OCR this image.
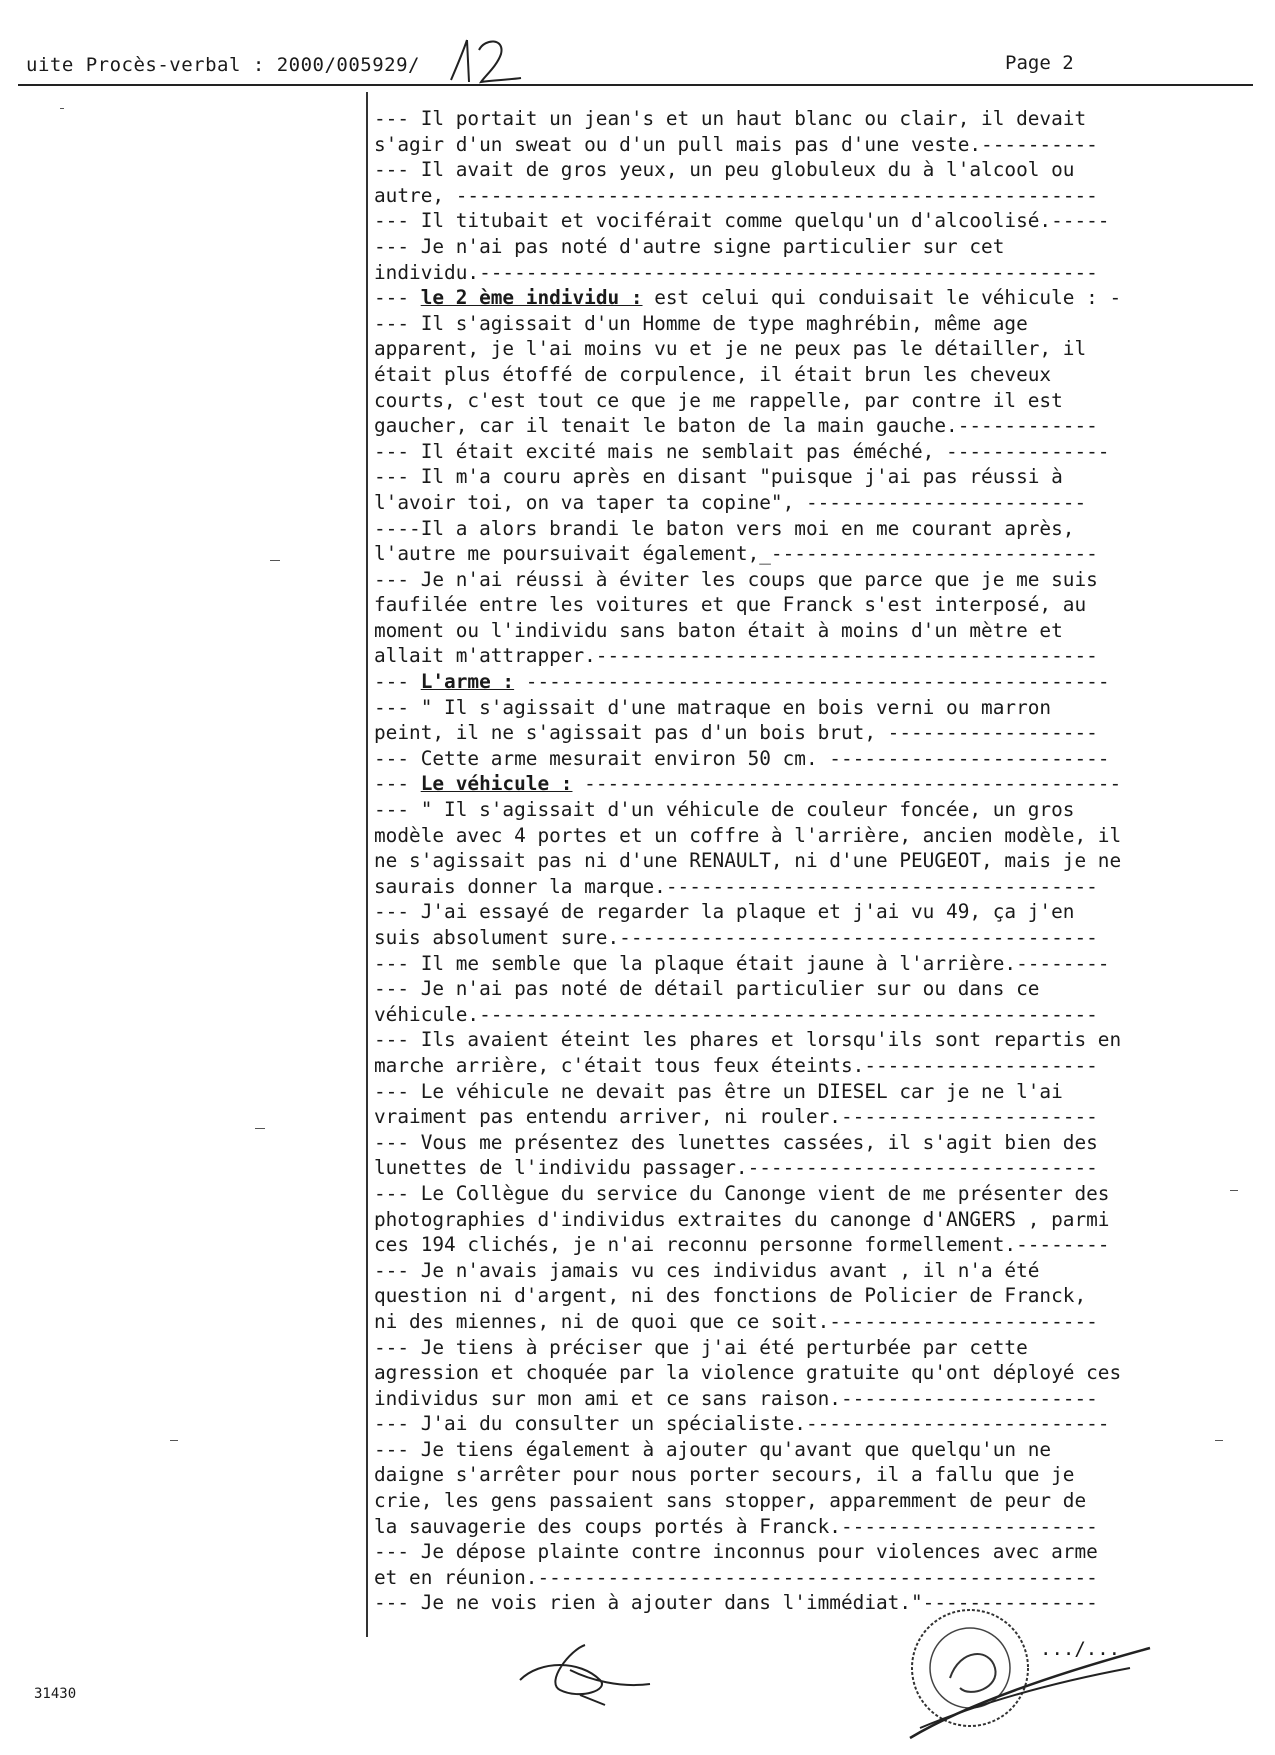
uite Procès-verbal : 2000/005929/	Page 2
--- Il portait un jean's et un haut blanc ou clair, il devait
s'agir d'un sweat ou d'un pull mais pas d'une veste.----------
--- Il avait de gros yeux, un peu globuleux du à l'alcool ou
autre, -------------------------------------------------------
--- Il titubait et vociférait comme quelqu'un d'alcoolisé.-----
--- Je n'ai pas noté d'autre signe particulier sur cet
individu.-----------------------------------------------------
--- le 2 ème individu : est celui qui conduisait le véhicule : -
--- Il s'agissait d'un Homme de type maghrébin, même age
apparent, je l'ai moins vu et je ne peux pas le détailler, il
était plus étoffé de corpulence, il était brun les cheveux
courts, c'est tout ce que je me rappelle, par contre il est
gaucher, car il tenait le baton de la main gauche.------------
--- Il était excité mais ne semblait pas éméché, --------------
--- Il m'a couru après en disant "puisque j'ai pas réussi à
l'avoir toi, on va taper ta copine", ------------------------
----Il a alors brandi le baton vers moi en me courant après,
l'autre me poursuivait également,_----------------------------
--- Je n'ai réussi à éviter les coups que parce que je me suis
faufilée entre les voitures et que Franck s'est interposé, au
moment ou l'individu sans baton était à moins d'un mètre et
allait m'attrapper.-------------------------------------------
--- L'arme : --------------------------------------------------
--- " Il s'agissait d'une matraque en bois verni ou marron
peint, il ne s'agissait pas d'un bois brut, ------------------
--- Cette arme mesurait environ 50 cm. ------------------------
--- Le véhicule : ----------------------------------------------
--- " Il s'agissait d'un véhicule de couleur foncée, un gros
modèle avec 4 portes et un coffre à l'arrière, ancien modèle, il
ne s'agissait pas ni d'une RENAULT, ni d'une PEUGEOT, mais je ne
saurais donner la marque.-------------------------------------
--- J'ai essayé de regarder la plaque et j'ai vu 49, ça j'en
suis absolument sure.-----------------------------------------
--- Il me semble que la plaque était jaune à l'arrière.--------
--- Je n'ai pas noté de détail particulier sur ou dans ce
véhicule.-----------------------------------------------------
--- Ils avaient éteint les phares et lorsqu'ils sont repartis en
marche arrière, c'était tous feux éteints.--------------------
--- Le véhicule ne devait pas être un DIESEL car je ne l'ai
vraiment pas entendu arriver, ni rouler.----------------------
--- Vous me présentez des lunettes cassées, il s'agit bien des
lunettes de l'individu passager.------------------------------
--- Le Collègue du service du Canonge vient de me présenter des
photographies d'individus extraites du canonge d'ANGERS , parmi
ces 194 clichés, je n'ai reconnu personne formellement.--------
--- Je n'avais jamais vu ces individus avant , il n'a été
question ni d'argent, ni des fonctions de Policier de Franck,
ni des miennes, ni de quoi que ce soit.-----------------------
--- Je tiens à préciser que j'ai été perturbée par cette
agression et choquée par la violence gratuite qu'ont déployé ces
individus sur mon ami et ce sans raison.----------------------
--- J'ai du consulter un spécialiste.--------------------------
--- Je tiens également à ajouter qu'avant que quelqu'un ne
daigne s'arrêter pour nous porter secours, il a fallu que je
crie, les gens passaient sans stopper, apparemment de peur de
la sauvagerie des coups portés à Franck.----------------------
--- Je dépose plainte contre inconnus pour violences avec arme
et en réunion.------------------------------------------------
--- Je ne vois rien à ajouter dans l'immédiat."---------------
.../...
31430
